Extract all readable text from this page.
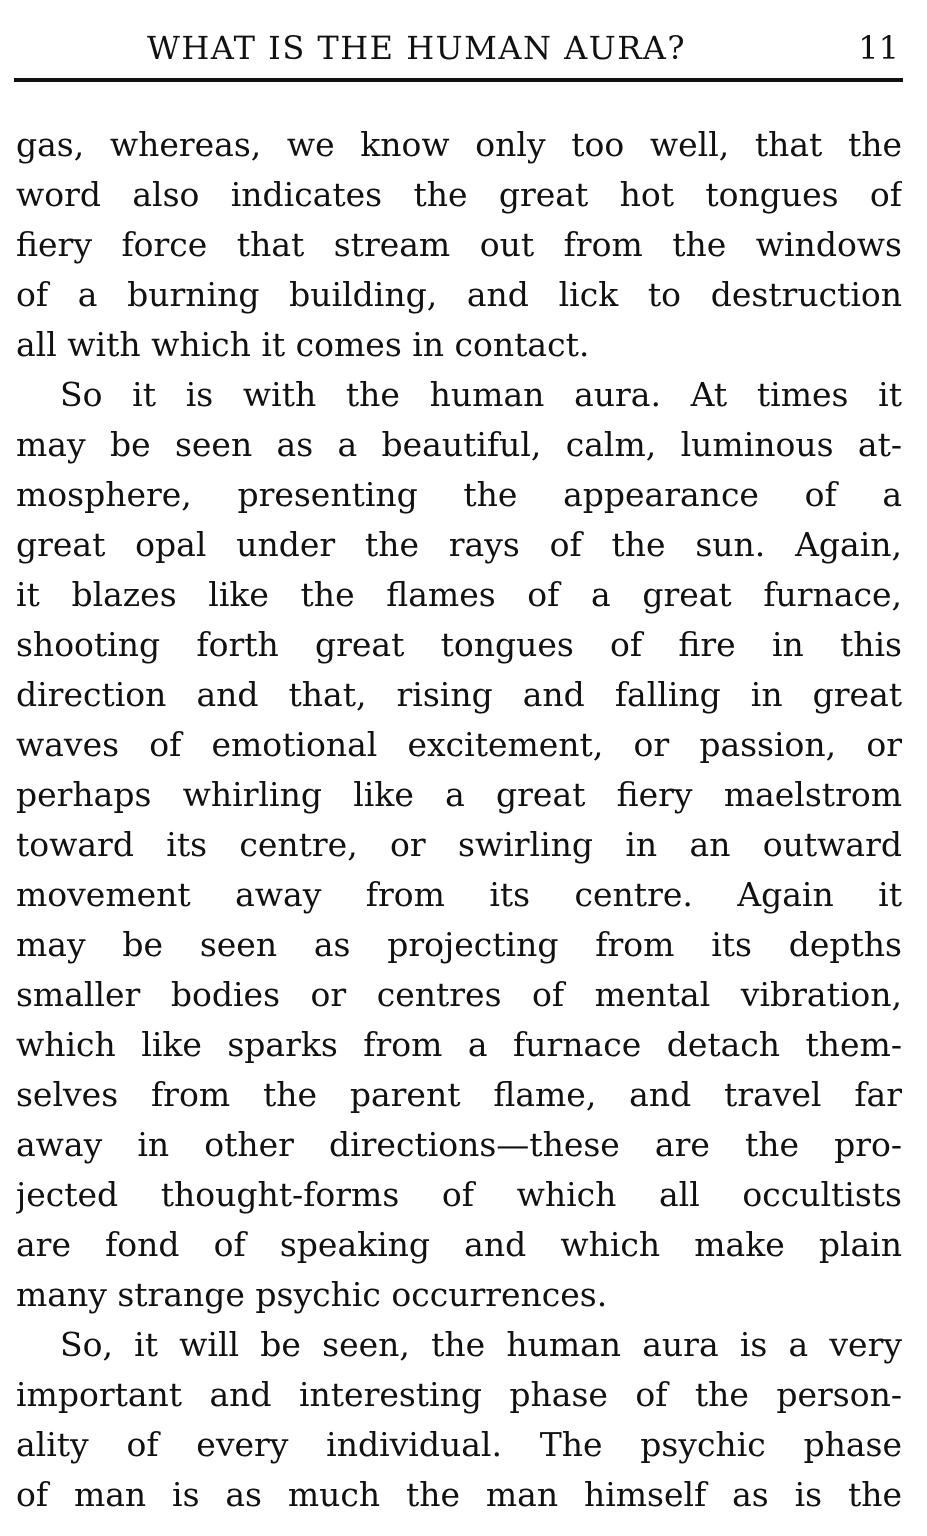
WHAT IS THE HUMAN AURA?	11
gas, whereas, we know only too well, that the
word also indicates the great hot tongues of
fiery force that stream out from the windows
of a burning building, and lick to destruction
all with which it comes in contact.
So it is with the human aura. At times it
may be seen as a beautiful, calm, luminous at-
mosphere, presenting the appearance of a
great opal under the rays of the sun. Again,
it blazes like the flames of a great furnace,
shooting forth great tongues of fire in this
direction and that, rising and falling in great
waves of emotional excitement, or passion, or
perhaps whirling like a great fiery maelstrom
toward its centre, or swirling in an outward
movement away from its centre. Again it
may be seen as projecting from its depths
smaller bodies or centres of mental vibration,
which like sparks from a furnace detach them-
selves from the parent flame, and travel far
away in other directions—these are the pro-
jected thought-forms of which all occultists
are fond of speaking and which make plain
many strange psychic occurrences.
So, it will be seen, the human aura is a very
important and interesting phase of the person-
ality of every individual. The psychic phase
of man is as much the man himself as is the
